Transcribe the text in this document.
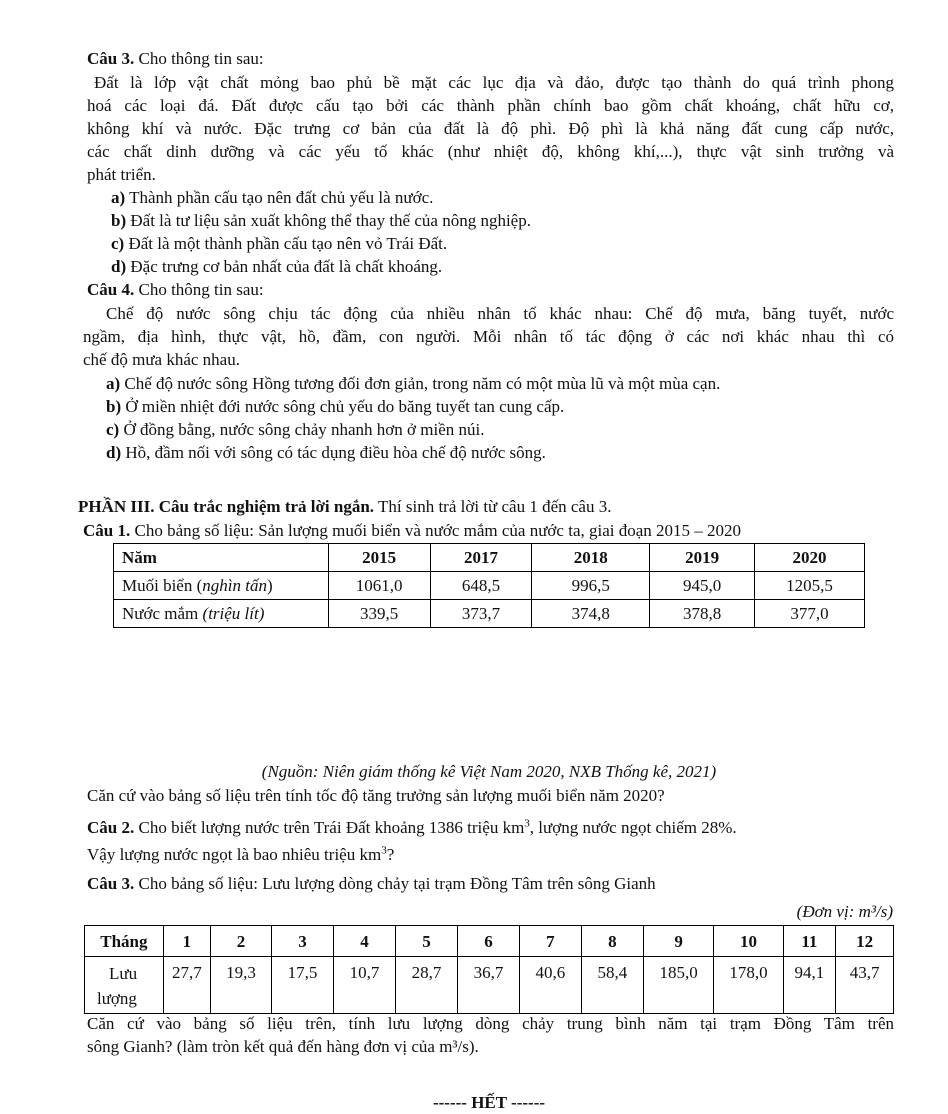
Câu 3. Cho thông tin sau:
Đất là lớp vật chất mỏng bao phủ bề mặt các lục địa và đảo, được tạo thành do quá trình phong
hoá các loại đá. Đất được cấu tạo bởi các thành phần chính bao gồm chất khoáng, chất hữu cơ,
không khí và nước. Đặc trưng cơ bản của đất là độ phì. Độ phì là khả năng đất cung cấp nước,
các chất dinh dưỡng và các yếu tố khác (như nhiệt độ, không khí,...), thực vật sinh trưởng và
phát triển.
a) Thành phần cấu tạo nên đất chủ yếu là nước.
b) Đất là tư liệu sản xuất không thể thay thế của nông nghiệp.
c) Đất là một thành phần cấu tạo nên vỏ Trái Đất.
d) Đặc trưng cơ bản nhất của đất là chất khoáng.
Câu 4. Cho thông tin sau:
Chế độ nước sông chịu tác động của nhiều nhân tố khác nhau: Chế độ mưa, băng tuyết, nước
ngầm, địa hình, thực vật, hồ, đầm, con người. Mỗi nhân tố tác động ở các nơi khác nhau thì có
chế độ mưa khác nhau.
a) Chế độ nước sông Hồng tương đối đơn giản, trong năm có một mùa lũ và một mùa cạn.
b) Ở miền nhiệt đới nước sông chủ yếu do băng tuyết tan cung cấp.
c) Ở đồng bằng, nước sông chảy nhanh hơn ở miền núi.
d) Hồ, đầm nối với sông có tác dụng điều hòa chế độ nước sông.
PHẦN III. Câu trắc nghiệm trả lời ngắn. Thí sinh trả lời từ câu 1 đến câu 3.
Câu 1. Cho bảng số liệu: Sản lượng muối biển và nước mắm của nước ta, giai đoạn 2015 – 2020
Năm	2015	2017	2018	2019	2020
Muối biển (nghìn tấn)	1061,0	648,5	996,5	945,0	1205,5
Nước mắm (triệu lít)	339,5	373,7	374,8	378,8	377,0
(Nguồn: Niên giám thống kê Việt Nam 2020, NXB Thống kê, 2021)
Căn cứ vào bảng số liệu trên tính tốc độ tăng trưởng sản lượng muối biển năm 2020?
Câu 2. Cho biết lượng nước trên Trái Đất khoảng 1386 triệu $km^3$, lượng nước ngọt chiếm 28%.
Vậy lượng nước ngọt là bao nhiêu triệu $km^3$?
Câu 3. Cho bảng số liệu: Lưu lượng dòng chảy tại trạm Đồng Tâm trên sông Gianh
(Đơn vị: m³/s)
Tháng	1	2	3	4	5	6	7	8	9	10	11	12

Lưu
lượng	27,7	19,3	17,5	10,7	28,7	36,7	40,6	58,4	185,0	178,0	94,1	43,7
Căn cứ vào bảng số liệu trên, tính lưu lượng dòng chảy trung bình năm tại trạm Đồng Tâm trên
sông Gianh? (làm tròn kết quả đến hàng đơn vị của m³/s).
------ HẾT ------
